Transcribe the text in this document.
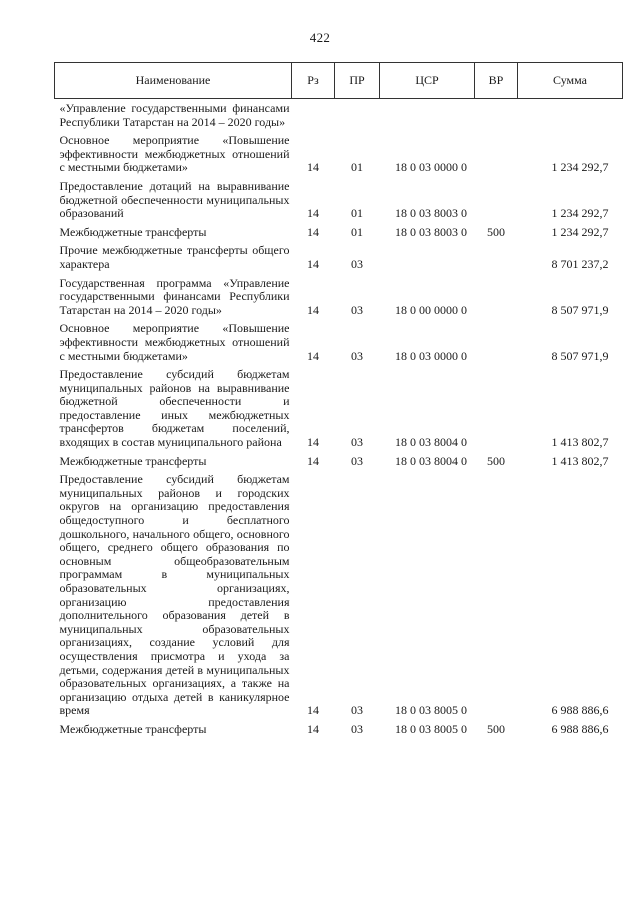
422
Наименование	Рз	ПР	ЦСР	ВР	Сумма
«Управление государственными финансами Республики Татарстан на 2014 – 2020 годы»					
Основное мероприятие «Повышение эффективности межбюджетных отношений с местными бюджетами»	14	01	18 0 03 0000 0		1 234 292,7
Предоставление дотаций на выравнивание бюджетной обеспеченности муниципальных образований	14	01	18 0 03 8003 0		1 234 292,7
Межбюджетные трансферты	14	01	18 0 03 8003 0	500	1 234 292,7
Прочие межбюджетные трансферты общего характера	14	03			8 701 237,2
Государственная программа «Управление государственными финансами Республики Татарстан на 2014 – 2020 годы»	14	03	18 0 00 0000 0		8 507 971,9
Основное мероприятие «Повышение эффективности межбюджетных отношений с местными бюджетами»	14	03	18 0 03 0000 0		8 507 971,9
Предоставление субсидий бюджетам муниципальных районов на выравнивание бюджетной обеспеченности и предоставление иных межбюджетных трансфертов бюджетам поселений, входящих в состав муниципального района	14	03	18 0 03 8004 0		1 413 802,7
Межбюджетные трансферты	14	03	18 0 03 8004 0	500	1 413 802,7
Предоставление субсидий бюджетам муниципальных районов и городских округов на организацию предоставления общедоступного и бесплатного дошкольного, начального общего, основного общего, среднего общего образования по основным общеобразовательным программам в муниципальных образовательных организациях, организацию предоставления дополнительного образования детей в муниципальных образовательных организациях, создание условий для осуществления присмотра и ухода за детьми, содержания детей в муниципальных образовательных организациях, а также на организацию отдыха детей в каникулярное время	14	03	18 0 03 8005 0		6 988 886,6
Межбюджетные трансферты	14	03	18 0 03 8005 0	500	6 988 886,6
